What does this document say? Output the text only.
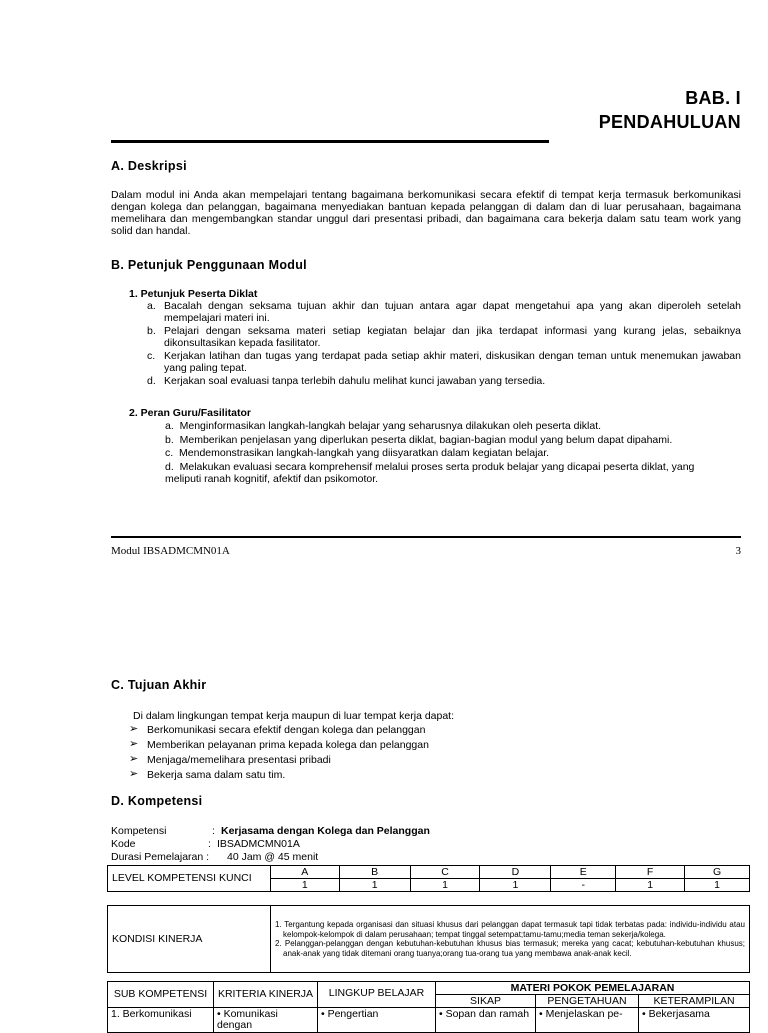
BAB. I
PENDAHULUAN
A. Deskripsi
Dalam modul ini Anda akan mempelajari tentang bagaimana berkomunikasi secara efektif di tempat kerja termasuk berkomunikasi dengan kolega dan pelanggan, bagaimana menyediakan bantuan kepada pelanggan di dalam dan di luar perusahaan, bagaimana memelihara dan mengembangkan standar unggul dari presentasi pribadi, dan bagaimana cara bekerja dalam satu team work yang solid dan handal.
B. Petunjuk Penggunaan Modul
1. Petunjuk Peserta Diklat
a. Bacalah dengan seksama tujuan akhir dan tujuan antara agar dapat mengetahui apa yang akan diperoleh setelah mempelajari materi ini.
b. Pelajari dengan seksama materi setiap kegiatan belajar dan jika terdapat informasi yang kurang jelas, sebaiknya dikonsultasikan kepada fasilitator.
c. Kerjakan latihan dan tugas yang terdapat pada setiap akhir materi, diskusikan dengan teman untuk menemukan jawaban yang paling tepat.
d. Kerjakan soal evaluasi tanpa terlebih dahulu melihat kunci jawaban yang tersedia.
2. Peran Guru/Fasilitator
a. Menginformasikan langkah-langkah belajar yang seharusnya dilakukan oleh peserta diklat.
b. Memberikan penjelasan yang diperlukan peserta diklat, bagian-bagian modul yang belum dapat dipahami.
c. Mendemonstrasikan langkah-langkah yang diisyaratkan dalam kegiatan belajar.
d. Melakukan evaluasi secara komprehensif melalui proses serta produk belajar yang dicapai peserta diklat, yang meliputi ranah kognitif, afektif dan psikomotor.
Modul IBSADMCMN01A	3
C. Tujuan Akhir
Di dalam lingkungan tempat kerja maupun di luar tempat kerja dapat:
➢ Berkomunikasi secara efektif dengan kolega dan pelanggan
➢ Memberikan pelayanan prima kepada kolega dan pelanggan
➢ Menjaga/memelihara presentasi pribadi
➢ Bekerja sama dalam satu tim.
D. Kompetensi
Kompetensi	: Kerjasama dengan Kolega dan Pelanggan
Kode	: IBSADMCMN01A
Durasi Pemelajaran : 40 Jam @ 45 menit
LEVEL KOMPETENSI KUNCI	A	B	C	D	E	F	G
	1	1	1	1	-	1	1
KONDISI KINERJA	
1. Tergantung kepada organisasi dan situasi khusus dari pelanggan dapat termasuk tapi tidak terbatas pada: individu-individu atau kelompok-kelompok di dalam perusahaan; tempat tinggal setempat;tamu-tamu;media teman sekerja/kolega.
2. Pelanggan-pelanggan dengan kebutuhan-kebutuhan khusus bias termasuk; mereka yang cacat; kebutuhan-kebutuhan khusus; anak-anak yang tidak ditemani orang tuanya;orang tua-orang tua yang membawa anak-anak kecil.
SUB KOMPETENSI	KRITERIA KINERJA	LINGKUP BELAJAR	MATERI POKOK PEMELAJARAN		
			SIKAP	PENGETAHUAN	KETERAMPILAN
1. Berkomunikasi	• Komunikasi dengan	• Pengertian	• Sopan dan ramah	• Menjelaskan pe-	• Bekerjasama
